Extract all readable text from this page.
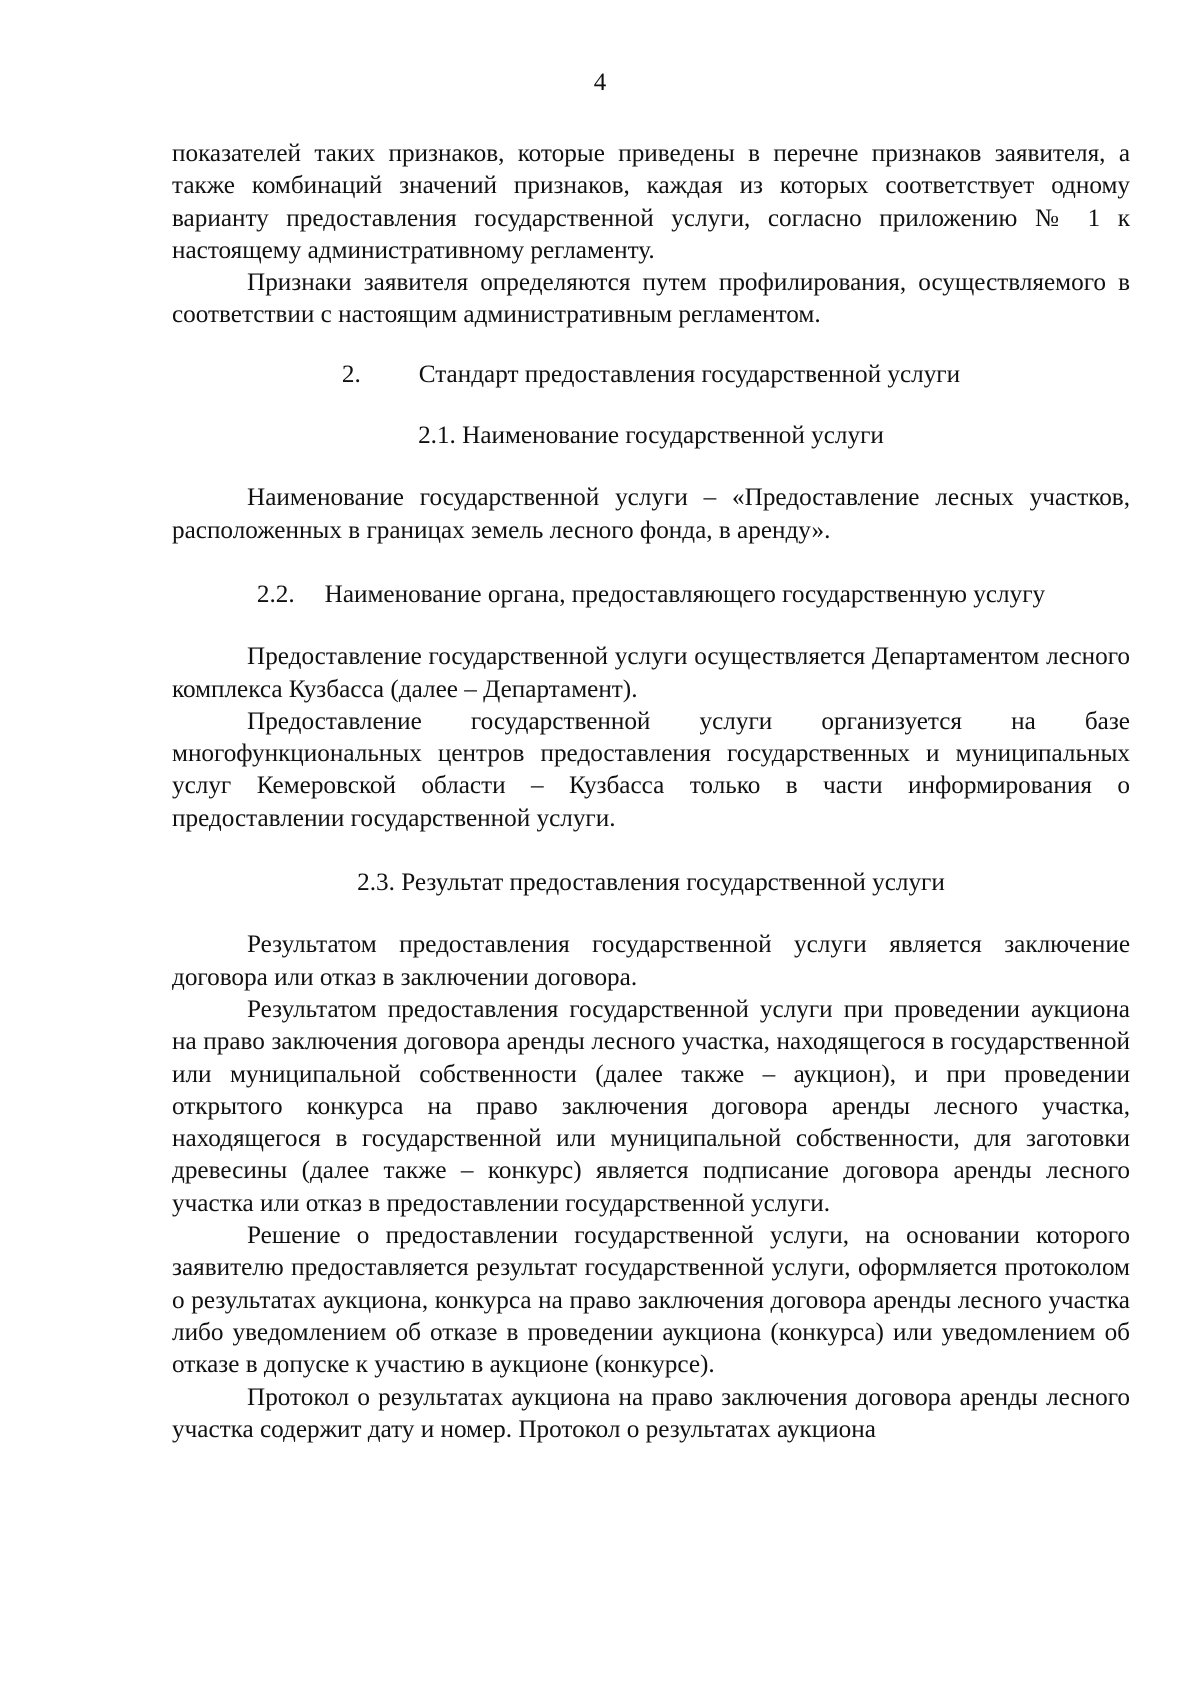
4

показателей таких признаков, которые приведены в перечне признаков заявителя, а также комбинаций значений признаков, каждая из которых соответствует одному варианту предоставления государственной услуги, согласно приложению № 1 к настоящему административному регламенту.

Признаки заявителя определяются путем профилирования, осуществляемого в соответствии с настоящим административным регламентом.

2. Стандарт предоставления государственной услуги
2.1. Наименование государственной услуги

Наименование государственной услуги – «Предоставление лесных участков, расположенных в границах земель лесного фонда, в аренду».

2.2. Наименование органа, предоставляющего государственную услугу

Предоставление государственной услуги осуществляется Департаментом лесного комплекса Кузбасса (далее – Департамент).

Предоставление государственной услуги организуется на базе многофункциональных центров предоставления государственных и муниципальных услуг Кемеровской области – Кузбасса только в части информирования о предоставлении государственной услуги.

2.3. Результат предоставления государственной услуги

Результатом предоставления государственной услуги является заключение договора или отказ в заключении договора.

Результатом предоставления государственной услуги при проведении аукциона на право заключения договора аренды лесного участка, находящегося в государственной или муниципальной собственности (далее также – аукцион), и при проведении открытого конкурса на право заключения договора аренды лесного участка, находящегося в государственной или муниципальной собственности, для заготовки древесины (далее также – конкурс) является подписание договора аренды лесного участка или отказ в предоставлении государственной услуги.

Решение о предоставлении государственной услуги, на основании которого заявителю предоставляется результат государственной услуги, оформляется протоколом о результатах аукциона, конкурса на право заключения договора аренды лесного участка либо уведомлением об отказе в проведении аукциона (конкурса) или уведомлением об отказе в допуске к участию в аукционе (конкурсе).

Протокол о результатах аукциона на право заключения договора аренды лесного участка содержит дату и номер. Протокол о результатах аукциона
